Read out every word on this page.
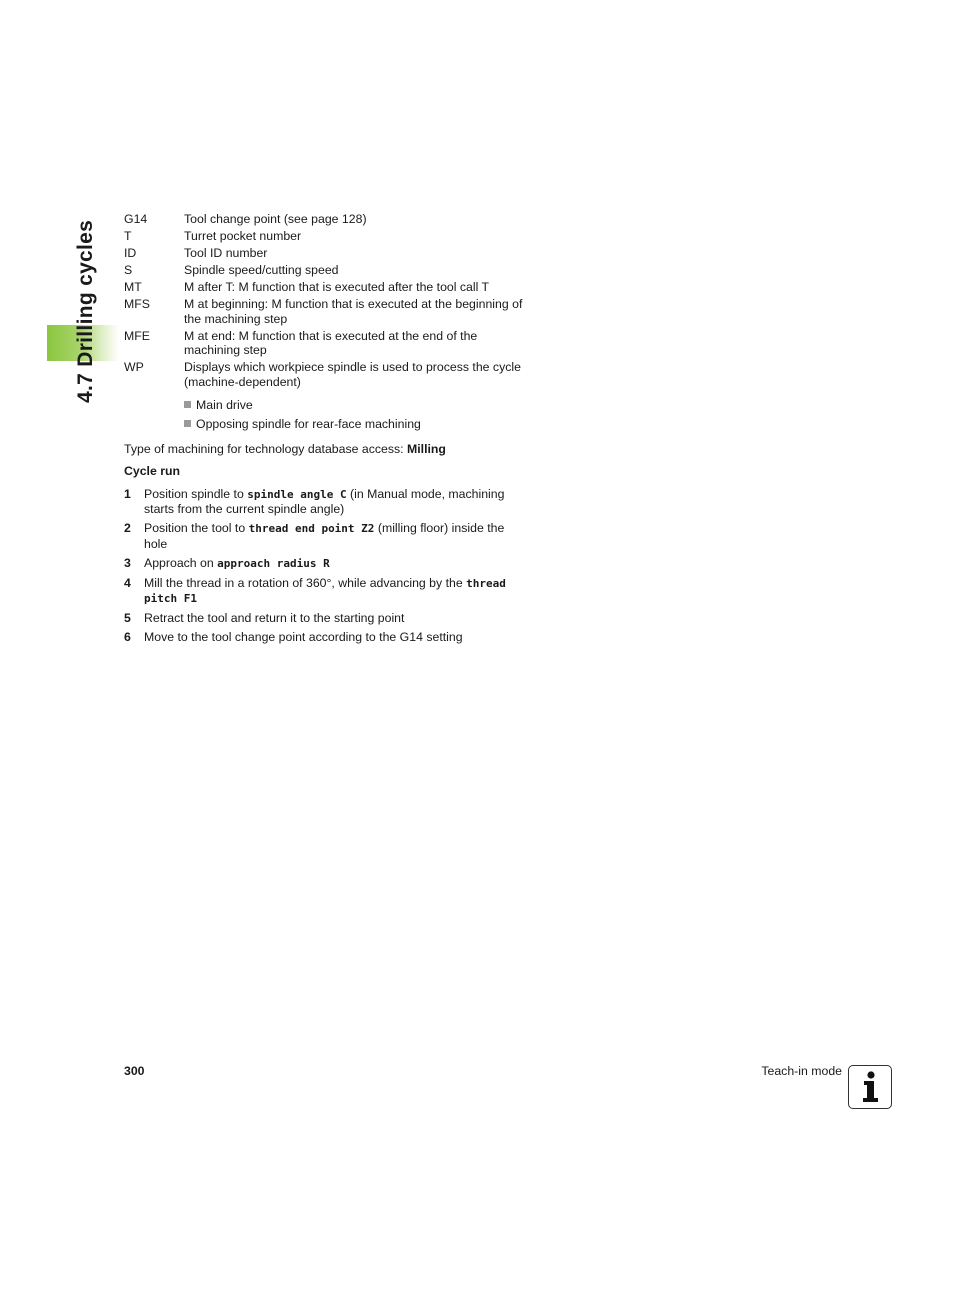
4.7 Drilling cycles
G14	Tool change point (see page 128)
T	Turret pocket number
ID	Tool ID number
S	Spindle speed/cutting speed
MT	M after T: M function that is executed after the tool call T
MFS	M at beginning: M function that is executed at the beginning of the machining step
MFE	M at end: M function that is executed at the end of the machining step
WP	Displays which workpiece spindle is used to process the cycle (machine-dependent)
Main drive
Opposing spindle for rear-face machining
Type of machining for technology database access: Milling
Cycle run
1	Position spindle to spindle angle C (in Manual mode, machining starts from the current spindle angle)
2	Position the tool to thread end point Z2 (milling floor) inside the hole
3	Approach on approach radius R
4	Mill the thread in a rotation of 360°, while advancing by the thread pitch F1
5	Retract the tool and return it to the starting point
6	Move to the tool change point according to the G14 setting
300	Teach-in mode
